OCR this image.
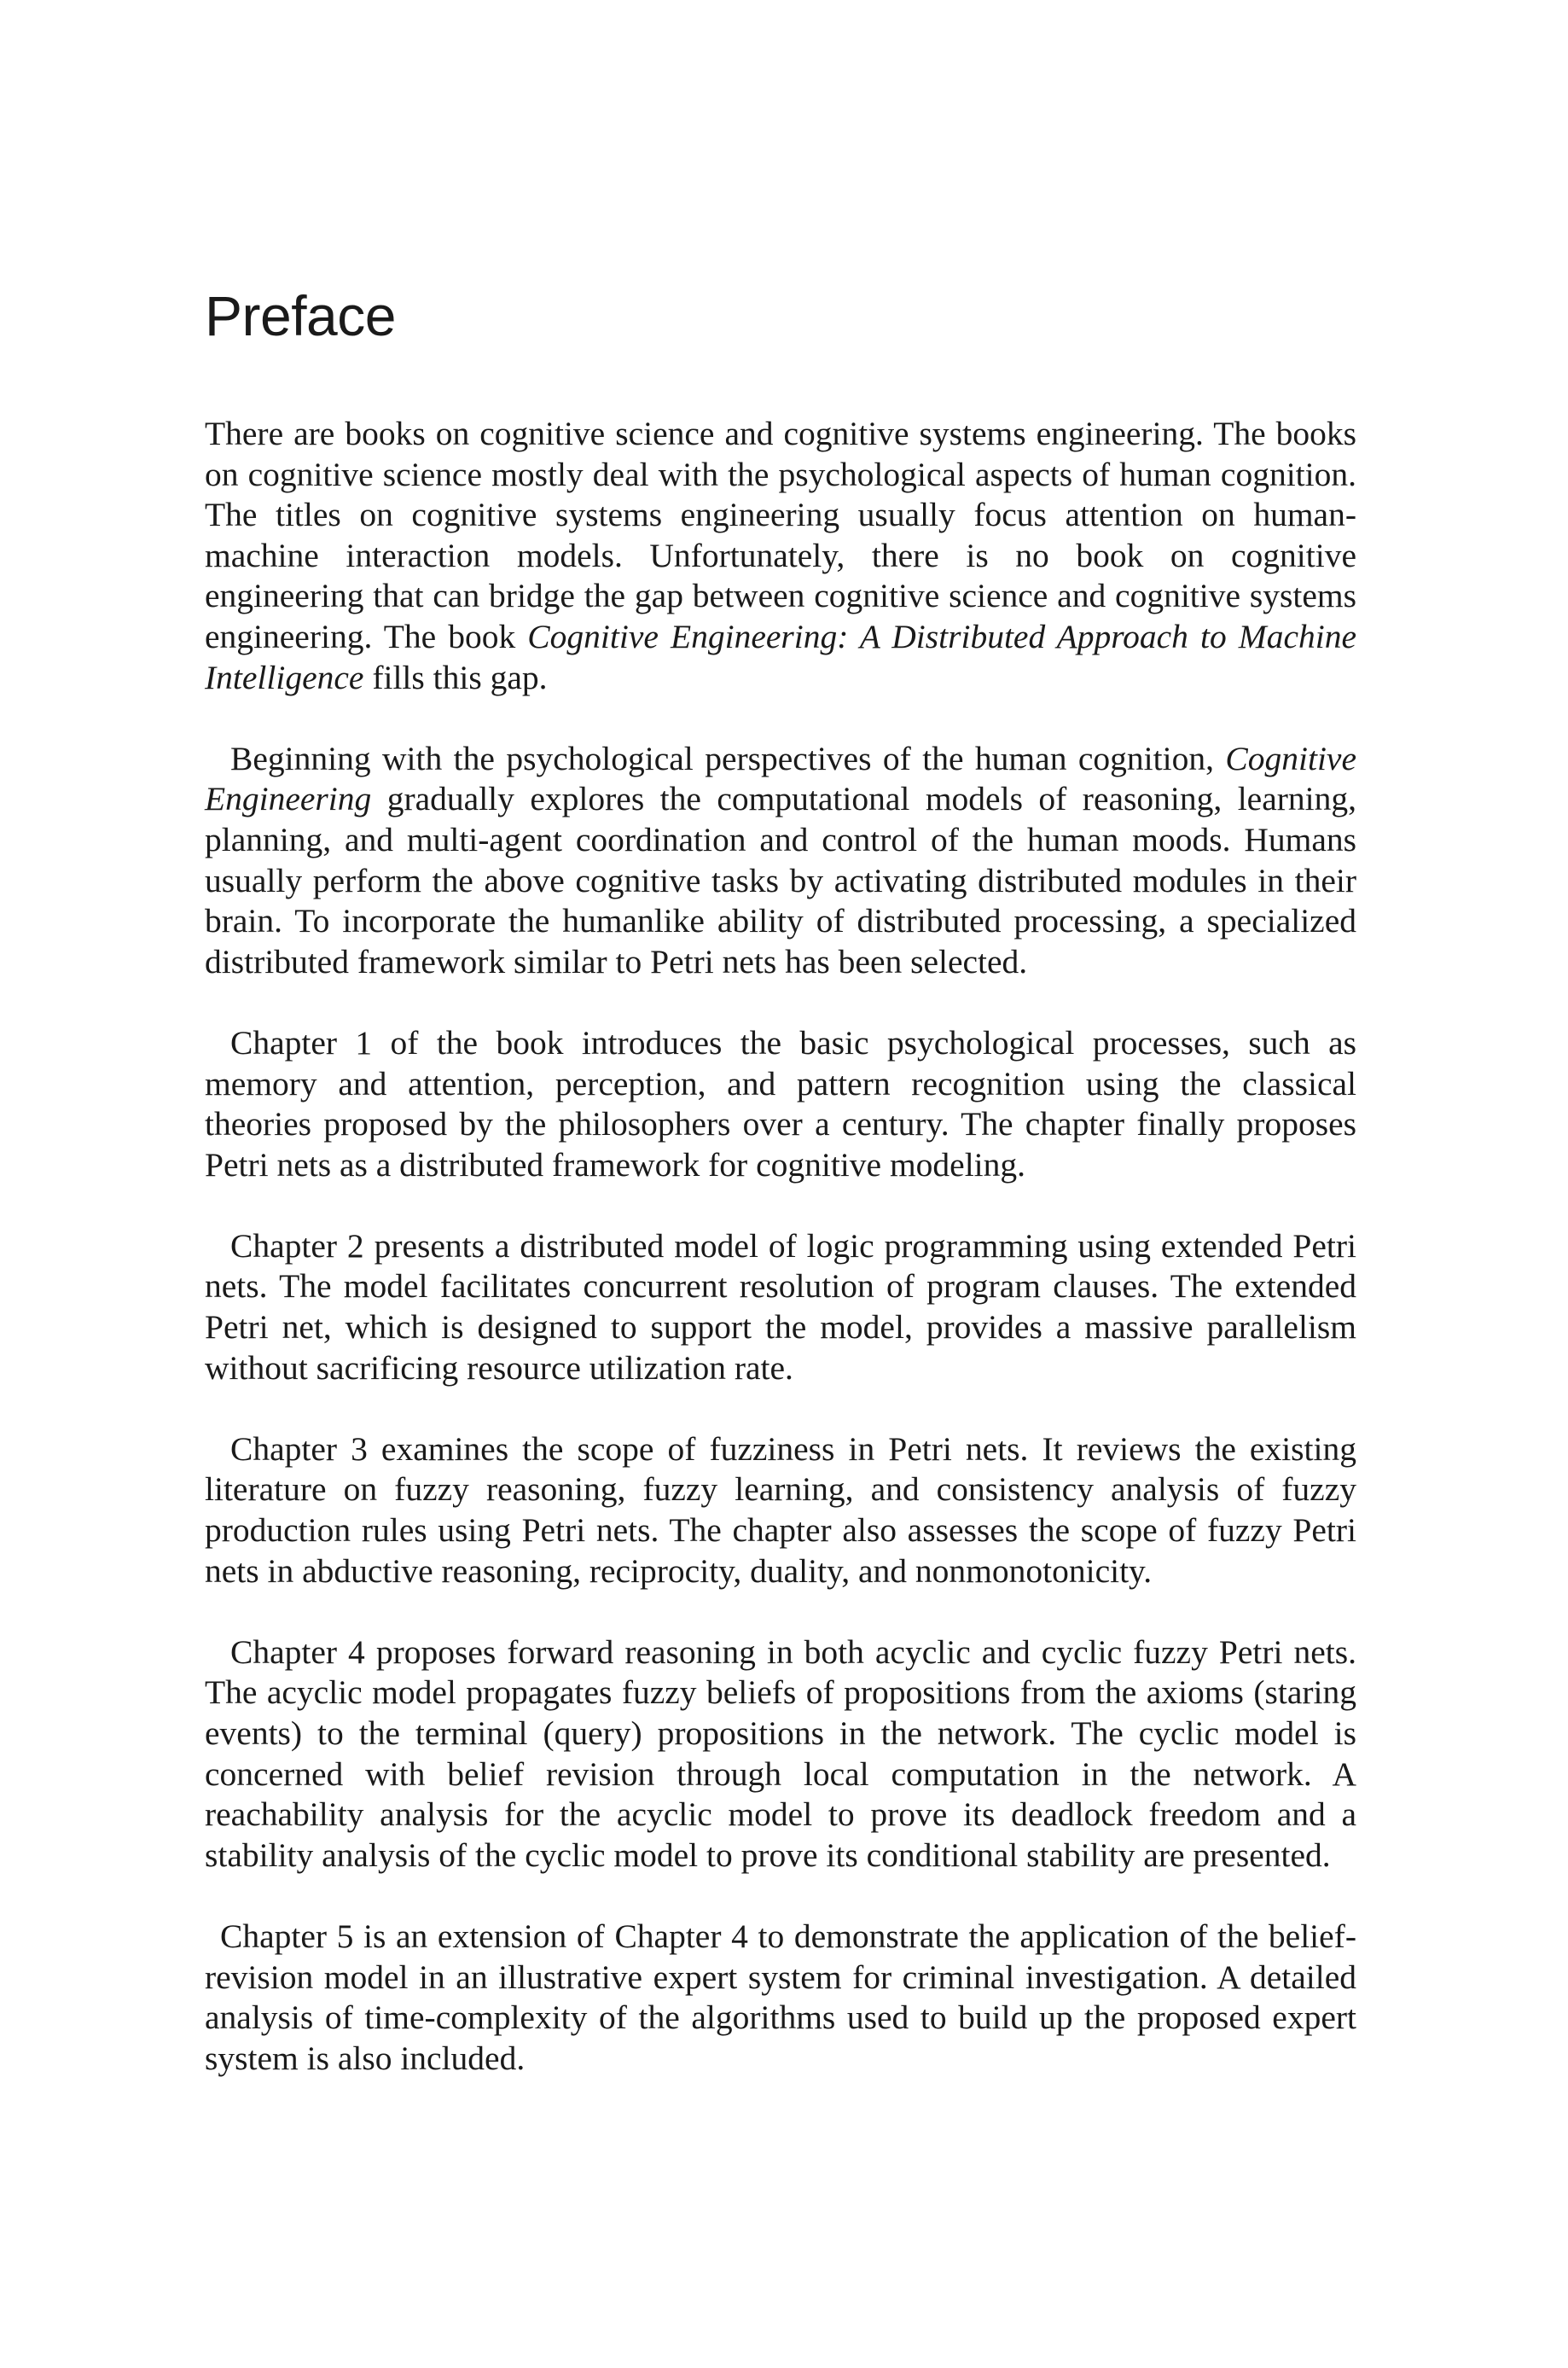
Preface

There are books on cognitive science and cognitive systems engineering. The books on cognitive science mostly deal with the psychological aspects of human cognition. The titles on cognitive systems engineering usually focus attention on human-machine interaction models. Unfortunately, there is no book on cognitive engineering that can bridge the gap between cognitive science and cognitive systems engineering. The book Cognitive Engineering: A Distributed Approach to Machine Intelligence fills this gap.

Beginning with the psychological perspectives of the human cognition, Cognitive Engineering gradually explores the computational models of reasoning, learning, planning, and multi-agent coordination and control of the human moods. Humans usually perform the above cognitive tasks by activating distributed modules in their brain. To incorporate the humanlike ability of distributed processing, a specialized distributed framework similar to Petri nets has been selected.

Chapter 1 of the book introduces the basic psychological processes, such as memory and attention, perception, and pattern recognition using the classical theories proposed by the philosophers over a century. The chapter finally proposes Petri nets as a distributed framework for cognitive modeling.

Chapter 2 presents a distributed model of logic programming using extended Petri nets. The model facilitates concurrent resolution of program clauses. The extended Petri net, which is designed to support the model, provides a massive parallelism without sacrificing resource utilization rate.

Chapter 3 examines the scope of fuzziness in Petri nets. It reviews the existing literature on fuzzy reasoning, fuzzy learning, and consistency analysis of fuzzy production rules using Petri nets. The chapter also assesses the scope of fuzzy Petri nets in abductive reasoning, reciprocity, duality, and nonmonotonicity.

Chapter 4 proposes forward reasoning in both acyclic and cyclic fuzzy Petri nets. The acyclic model propagates fuzzy beliefs of propositions from the axioms (staring events) to the terminal (query) propositions in the network. The cyclic model is concerned with belief revision through local computation in the network. A reachability analysis for the acyclic model to prove its deadlock freedom and a stability analysis of the cyclic model to prove its conditional stability are presented.

Chapter 5 is an extension of Chapter 4 to demonstrate the application of the belief-revision model in an illustrative expert system for criminal investigation. A detailed analysis of time-complexity of the algorithms used to build up the proposed expert system is also included.
